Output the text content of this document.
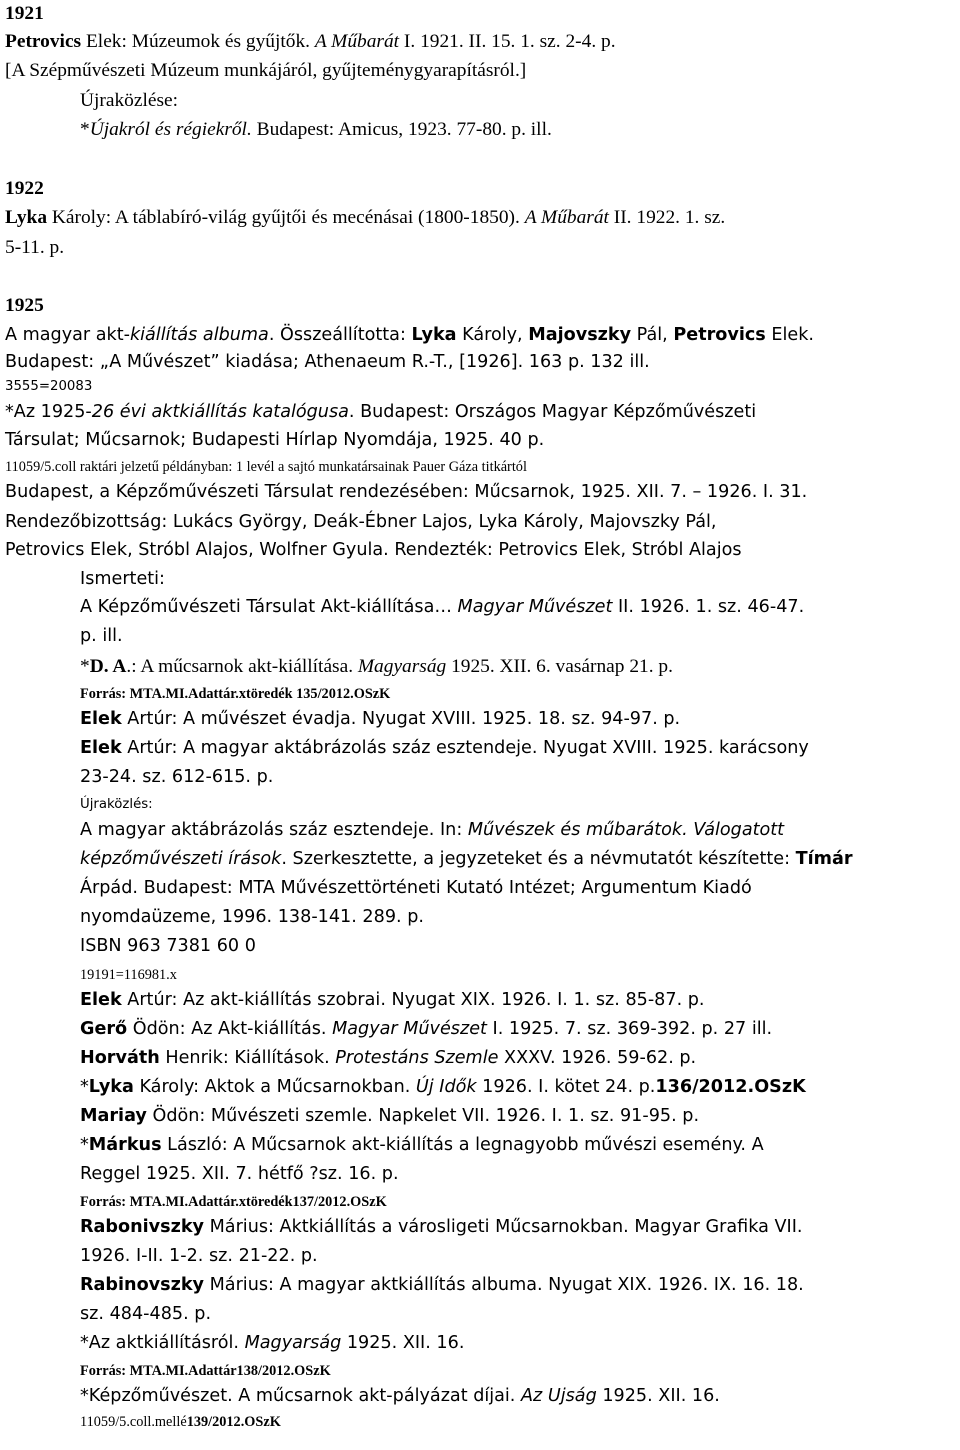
1921
Petrovics Elek: Múzeumok és gyűjtők. A Műbarát I. 1921. II. 15. 1. sz. 2-4. p.
[A Szépművészeti Múzeum munkájáról, gyűjteménygyarapításról.]
Újraközlése:
*Újakról és régiekről. Budapest: Amicus, 1923. 77-80. p. ill.
1922
Lyka Károly: A táblabíró-világ gyűjtői és mecénásai (1800-1850). A Műbarát II. 1922. 1. sz.
5-11. p.
1925
A magyar akt-kiállítás albuma. Összeállította: Lyka Károly, Majovszky Pál, Petrovics Elek.
Budapest: „A Művészet” kiadása; Athenaeum R.-T., [1926]. 163 p. 132 ill.
3555=20083
*Az 1925-26 évi aktkiállítás katalógusa. Budapest: Országos Magyar Képzőművészeti
Társulat; Műcsarnok; Budapesti Hírlap Nyomdája, 1925. 40 p.
11059/5.coll raktári jelzetű példányban: 1 levél a sajtó munkatársainak Pauer Gáza titkártól
Budapest, a Képzőművészeti Társulat rendezésében: Műcsarnok, 1925. XII. 7. – 1926. I. 31.
Rendezőbizottság: Lukács György, Deák-Ébner Lajos, Lyka Károly, Majovszky Pál,
Petrovics Elek, Stróbl Alajos, Wolfner Gyula. Rendezték: Petrovics Elek, Stróbl Alajos
Ismerteti:
A Képzőművészeti Társulat Akt-kiállítása… Magyar Művészet II. 1926. 1. sz. 46-47.
p. ill.
*D. A.: A műcsarnok akt-kiállítása. Magyarság 1925. XII. 6. vasárnap 21. p.
Forrás: MTA.MI.Adattár.xtöredék 135/2012.OSzK
Elek Artúr: A művészet évadja. Nyugat XVIII. 1925. 18. sz. 94-97. p.
Elek Artúr: A magyar aktábrázolás száz esztendeje. Nyugat XVIII. 1925. karácsony
23-24. sz. 612-615. p.
Újraközlés:
A magyar aktábrázolás száz esztendeje. In: Művészek és műbarátok. Válogatott
képzőművészeti írások. Szerkesztette, a jegyzeteket és a névmutatót készítette: Tímár
Árpád. Budapest: MTA Művészettörténeti Kutató Intézet; Argumentum Kiadó
nyomdaüzeme, 1996. 138-141. 289. p.
ISBN 963 7381 60 0
19191=116981.x
Elek Artúr: Az akt-kiállítás szobrai. Nyugat XIX. 1926. I. 1. sz. 85-87. p.
Gerő Ödön: Az Akt-kiállítás. Magyar Művészet I. 1925. 7. sz. 369-392. p. 27 ill.
Horváth Henrik: Kiállítások. Protestáns Szemle XXXV. 1926. 59-62. p.
*Lyka Károly: Aktok a Műcsarnokban. Új Idők 1926. I. kötet 24. p.136/2012.OSzK
Mariay Ödön: Művészeti szemle. Napkelet VII. 1926. I. 1. sz. 91-95. p.
*Márkus László: A Műcsarnok akt-kiállítás a legnagyobb művészi esemény. A
Reggel 1925. XII. 7. hétfő ?sz. 16. p.
Forrás: MTA.MI.Adattár.xtöredék137/2012.OSzK
Rabonivszky Márius: Aktkiállítás a városligeti Műcsarnokban. Magyar Grafika VII.
1926. I-II. 1-2. sz. 21-22. p.
Rabinovszky Márius: A magyar aktkiállítás albuma. Nyugat XIX. 1926. IX. 16. 18.
sz. 484-485. p.
*Az aktkiállításról. Magyarság 1925. XII. 16.
Forrás: MTA.MI.Adattár138/2012.OSzK
*Képzőművészet. A műcsarnok akt-pályázat díjai. Az Ujság 1925. XII. 16.
11059/5.coll.mellé139/2012.OSzK
